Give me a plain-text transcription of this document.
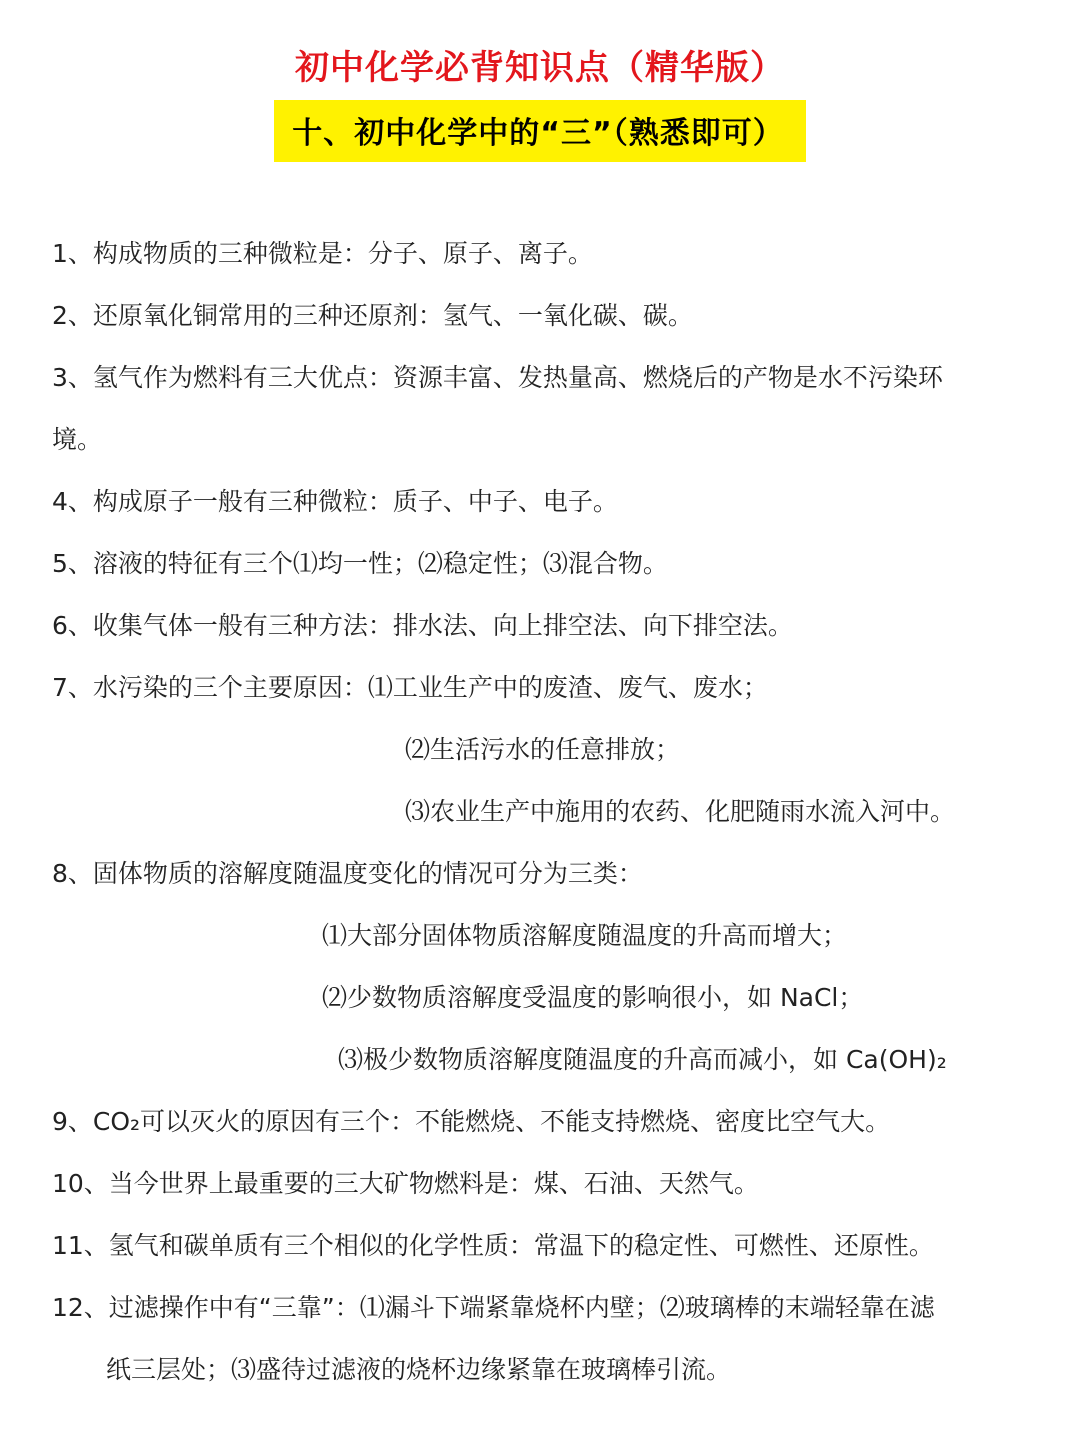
初中化学必背知识点（精华版）
十、初中化学中的“三”（熟悉即可）
1、构成物质的三种微粒是：分子、原子、离子。
2、还原氧化铜常用的三种还原剂：氢气、一氧化碳、碳。
3、氢气作为燃料有三大优点：资源丰富、发热量高、燃烧后的产物是水不污染环
境。
4、构成原子一般有三种微粒：质子、中子、电子。
5、溶液的特征有三个⑴均一性；⑵稳定性；⑶混合物。
6、收集气体一般有三种方法：排水法、向上排空法、向下排空法。
7、水污染的三个主要原因：⑴工业生产中的废渣、废气、废水；
⑵生活污水的任意排放；
⑶农业生产中施用的农药、化肥随雨水流入河中。
8、固体物质的溶解度随温度变化的情况可分为三类：
⑴大部分固体物质溶解度随温度的升高而增大；
⑵少数物质溶解度受温度的影响很小，如 NaCl；
⑶极少数物质溶解度随温度的升高而减小，如 Ca(OH)₂
9、CO₂可以灭火的原因有三个：不能燃烧、不能支持燃烧、密度比空气大。
10、当今世界上最重要的三大矿物燃料是：煤、石油、天然气。
11、氢气和碳单质有三个相似的化学性质：常温下的稳定性、可燃性、还原性。
12、过滤操作中有“三靠”：⑴漏斗下端紧靠烧杯内壁；⑵玻璃棒的末端轻靠在滤
纸三层处；⑶盛待过滤液的烧杯边缘紧靠在玻璃棒引流。
